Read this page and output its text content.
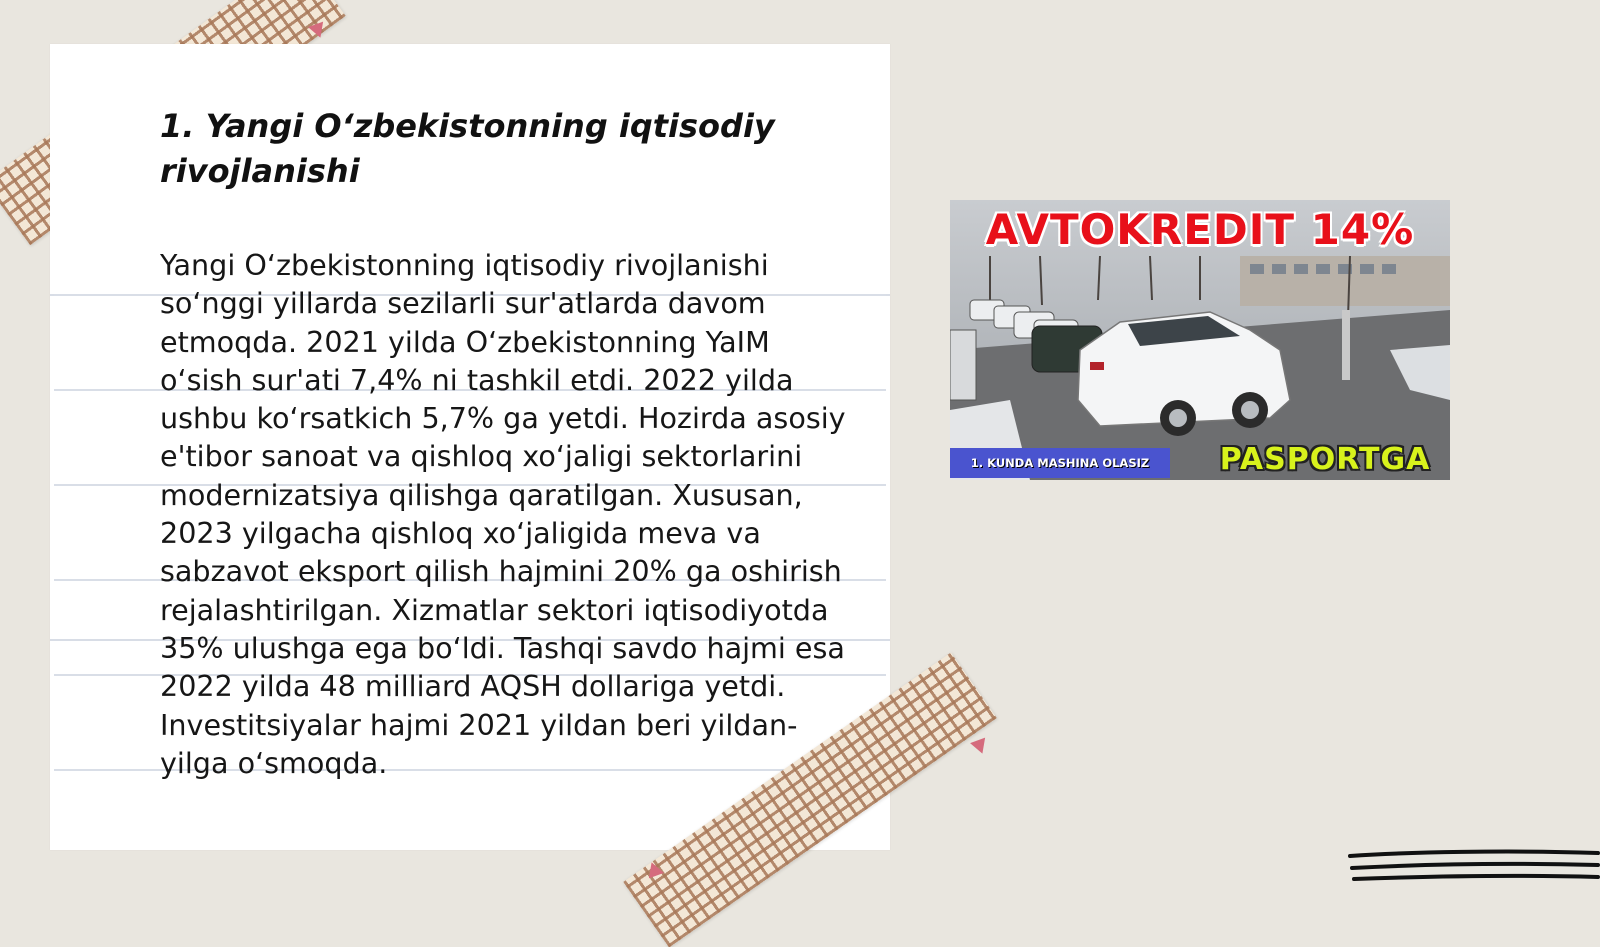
1. Yangi O‘zbekistonning iqtisodiy rivojlanishi

Yangi O‘zbekistonning iqtisodiy rivojlanishi so‘nggi yillarda sezilarli sur'atlarda davom etmoqda. 2021 yilda O‘zbekistonning YaIM o‘sish sur'ati 7,4% ni tashkil etdi. 2022 yilda ushbu ko‘rsatkich 5,7% ga yetdi. Hozirda asosiy e'tibor sanoat va qishloq xo‘jaligi sektorlarini modernizatsiya qilishga qaratilgan. Xususan, 2023 yilgacha qishloq xo‘jaligida meva va sabzavot eksport qilish hajmini 20% ga oshirish rejalashtirilgan. Xizmatlar sektori iqtisodiyotda 35% ulushga ega bo‘ldi. Tashqi savdo hajmi esa 2022 yilda 48 milliard AQSH dollariga yetdi. Investitsiyalar hajmi 2021 yildan beri yildan-yilga o‘smoqda.

AVTOKREDIT 14%
1. KUNDA MASHINA OLASIZ	PASPORTGA
